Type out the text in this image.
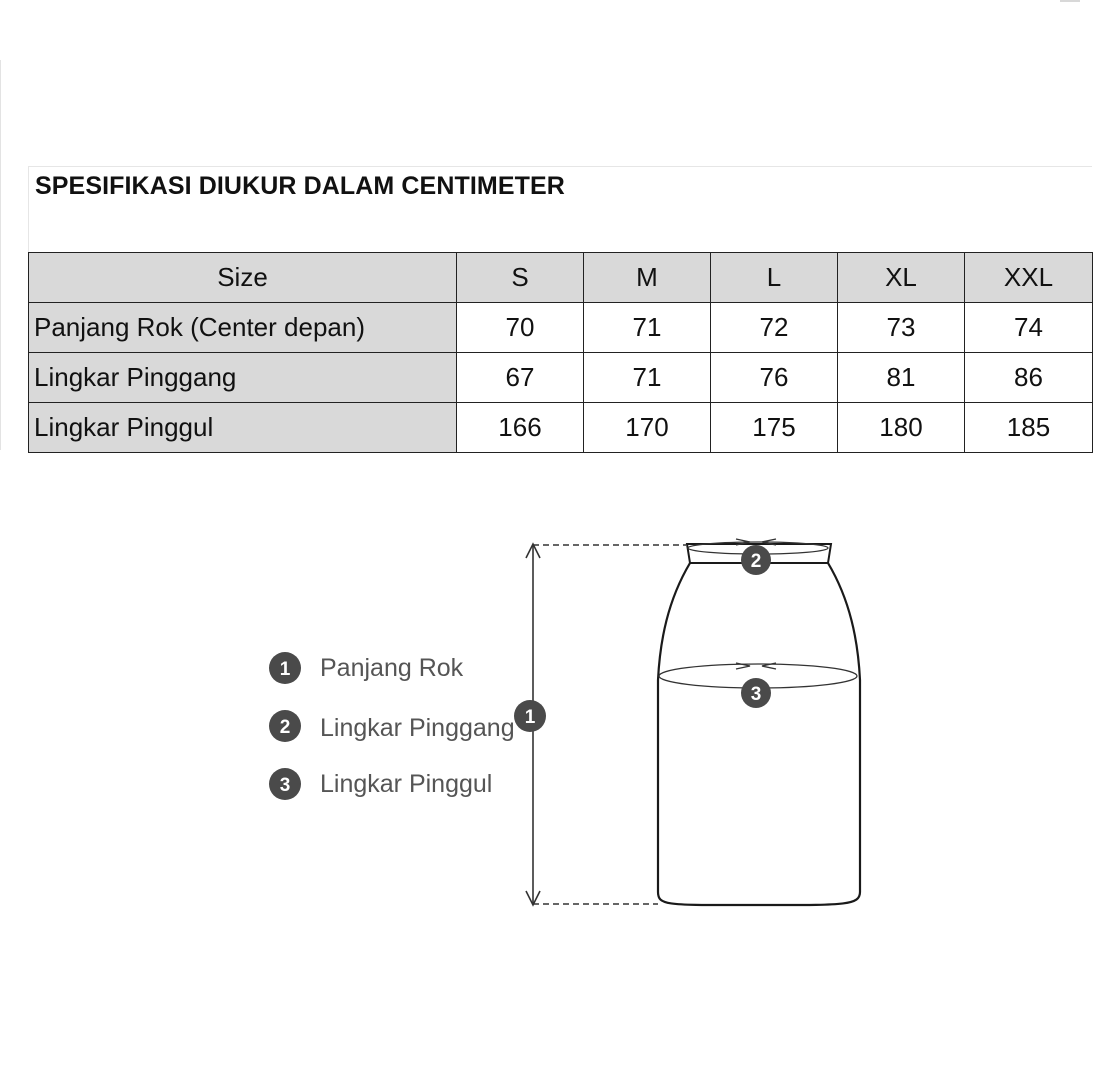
SPESIFIKASI DIUKUR DALAM CENTIMETER
Size	S	M	L	XL	XXL
Panjang Rok (Center depan)	70	71	72	73	74
Lingkar Pinggang	67	71	76	81	86
Lingkar Pinggul	166	170	175	180	185
1 Panjang Rok
2 Lingkar Pinggang
3 Lingkar Pinggul
1
2
3
